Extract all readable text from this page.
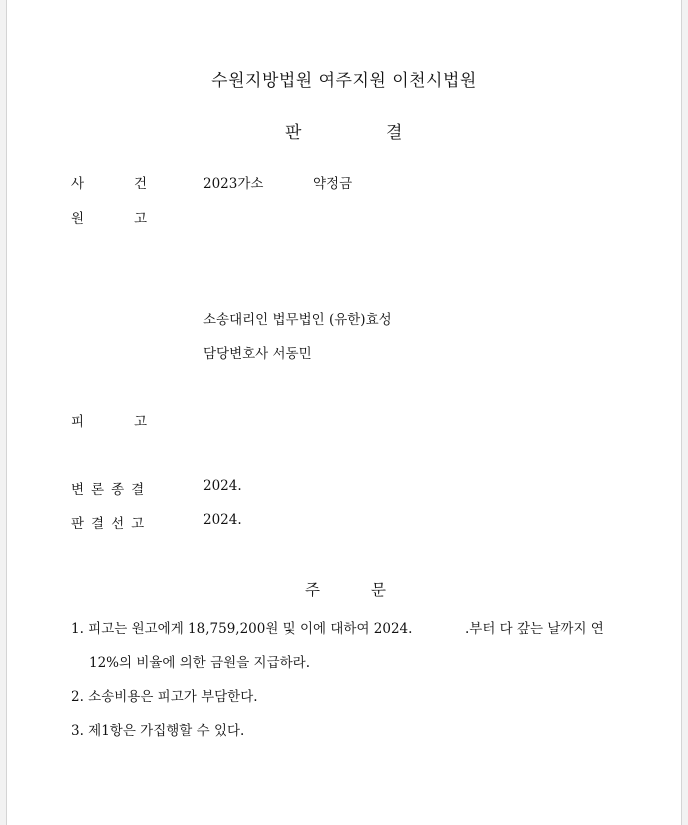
수원지방법원 여주지원 이천시법원
판	결
사	건	2023가소	약정금
원	고
소송대리인 법무법인 (유한)효성
담당변호사 서동민
피	고
변론종결	2024.
판결선고	2024.
주	문
1. 피고는 원고에게 18,759,200원 및 이에 대하여 2024.	.부터 다 갚는 날까지 연
12%의 비율에 의한 금원을 지급하라.
2. 소송비용은 피고가 부담한다.
3. 제1항은 가집행할 수 있다.
